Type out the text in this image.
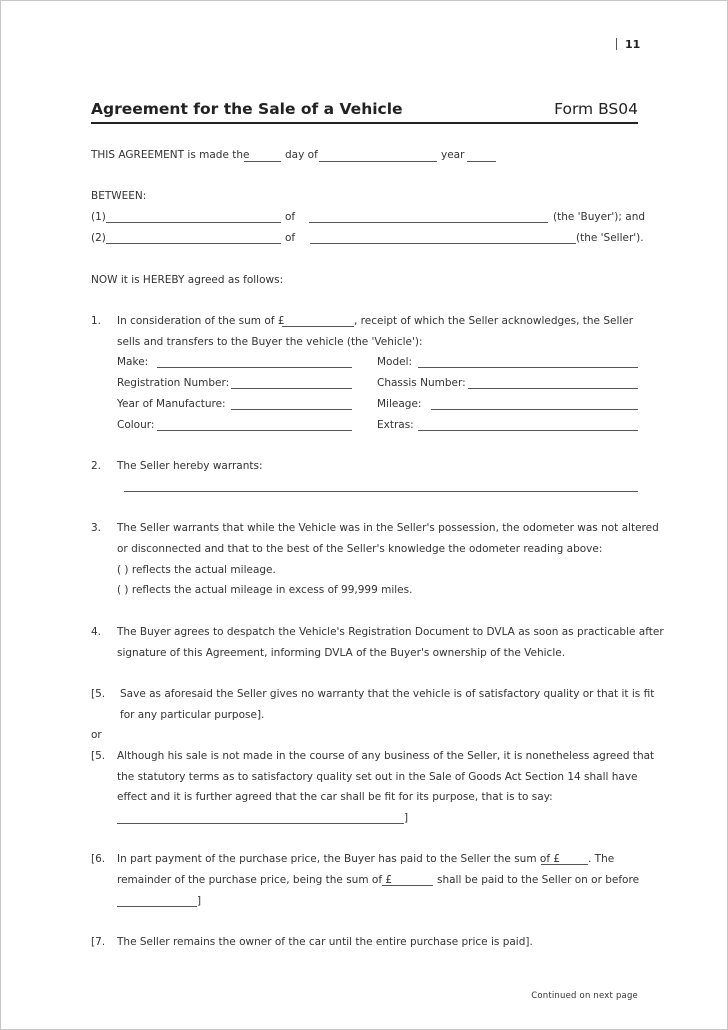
11
Agreement for the Sale of a Vehicle	Form BS04
THIS AGREEMENT is made the	day of	year
BETWEEN:
(1)	of	(the 'Buyer'); and
(2)	of	(the 'Seller').
NOW it is HEREBY agreed as follows:
1. In consideration of the sum of £	, receipt of which the Seller acknowledges, the Seller
sells and transfers to the Buyer the vehicle (the 'Vehicle'):
Make:	Model:
Registration Number:	Chassis Number:
Year of Manufacture:	Mileage:
Colour:	Extras:
2. The Seller hereby warrants:
3. The Seller warrants that while the Vehicle was in the Seller's possession, the odometer was not altered
or disconnected and that to the best of the Seller's knowledge the odometer reading above:
( ) reflects the actual mileage.
( ) reflects the actual mileage in excess of 99,999 miles.
4. The Buyer agrees to despatch the Vehicle's Registration Document to DVLA as soon as practicable after
signature of this Agreement, informing DVLA of the Buyer's ownership of the Vehicle.
[5. Save as aforesaid the Seller gives no warranty that the vehicle is of satisfactory quality or that it is fit
for any particular purpose].
or
[5. Although his sale is not made in the course of any business of the Seller, it is nonetheless agreed that
the statutory terms as to satisfactory quality set out in the Sale of Goods Act Section 14 shall have
effect and it is further agreed that the car shall be fit for its purpose, that is to say:
]
[6. In part payment of the purchase price, the Buyer has paid to the Seller the sum of £	. The
remainder of the purchase price, being the sum of £	shall be paid to the Seller on or before
]
[7. The Seller remains the owner of the car until the entire purchase price is paid].
Continued on next page
